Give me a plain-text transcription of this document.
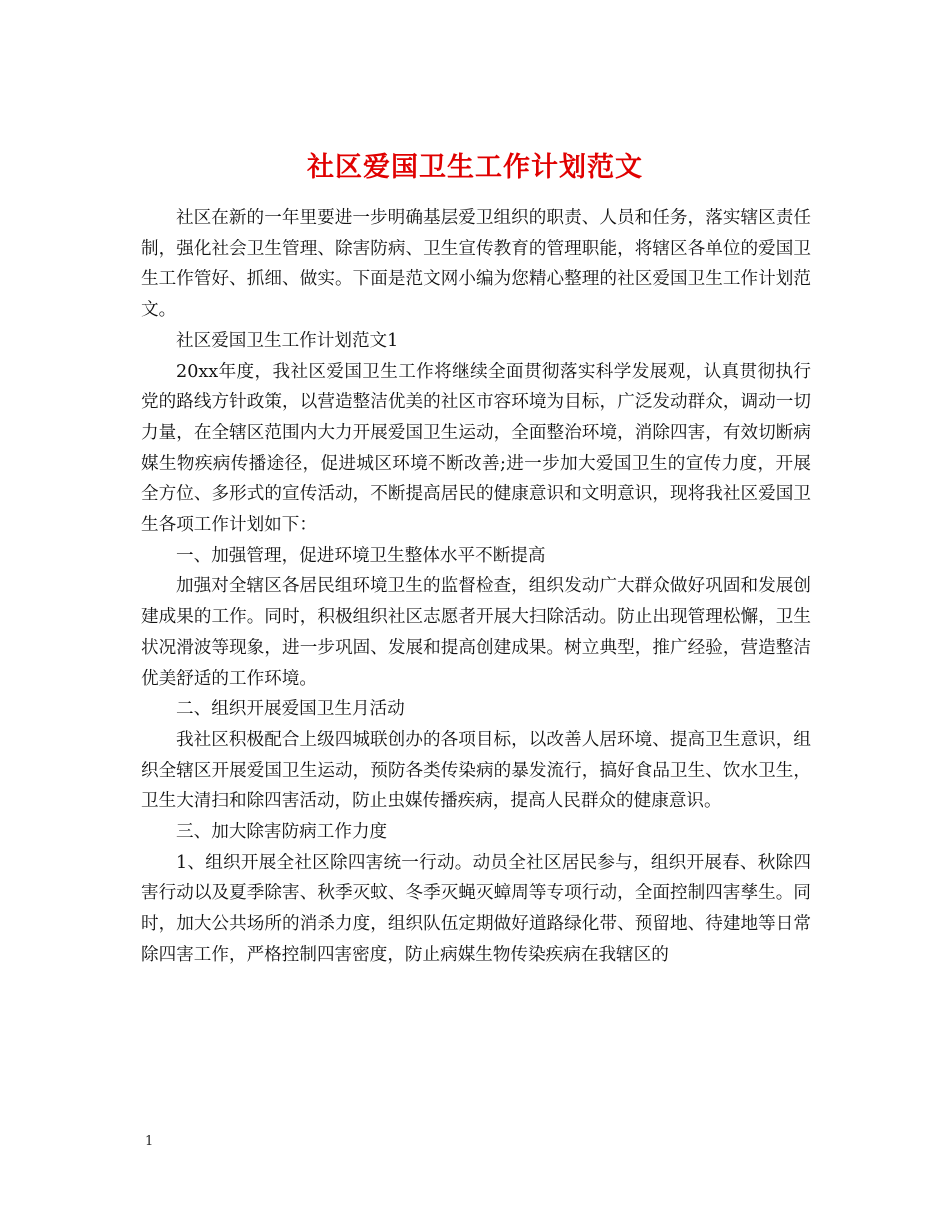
社区爱国卫生工作计划范文

社区在新的一年里要进一步明确基层爱卫组织的职责、人员和任务，落实辖区责任制，强化社会卫生管理、除害防病、卫生宣传教育的管理职能，将辖区各单位的爱国卫生工作管好、抓细、做实。下面是范文网小编为您精心整理的社区爱国卫生工作计划范文。

社区爱国卫生工作计划范文1

20xx年度，我社区爱国卫生工作将继续全面贯彻落实科学发展观，认真贯彻执行党的路线方针政策，以营造整洁优美的社区市容环境为目标，广泛发动群众，调动一切力量，在全辖区范围内大力开展爱国卫生运动，全面整治环境，消除四害，有效切断病媒生物疾病传播途径，促进城区环境不断改善;进一步加大爱国卫生的宣传力度，开展全方位、多形式的宣传活动，不断提高居民的健康意识和文明意识，现将我社区爱国卫生各项工作计划如下：

一、加强管理，促进环境卫生整体水平不断提高

加强对全辖区各居民组环境卫生的监督检查，组织发动广大群众做好巩固和发展创建成果的工作。同时，积极组织社区志愿者开展大扫除活动。防止出现管理松懈，卫生状况滑波等现象，进一步巩固、发展和提高创建成果。树立典型，推广经验，营造整洁优美舒适的工作环境。

二、组织开展爱国卫生月活动

我社区积极配合上级四城联创办的各项目标，以改善人居环境、提高卫生意识，组织全辖区开展爱国卫生运动，预防各类传染病的暴发流行，搞好食品卫生、饮水卫生，卫生大清扫和除四害活动，防止虫媒传播疾病，提高人民群众的健康意识。

三、加大除害防病工作力度

1、组织开展全社区除四害统一行动。动员全社区居民参与，组织开展春、秋除四害行动以及夏季除害、秋季灭蚊、冬季灭蝇灭蟑周等专项行动，全面控制四害孳生。同时，加大公共场所的消杀力度，组织队伍定期做好道路绿化带、预留地、待建地等日常除四害工作，严格控制四害密度，防止病媒生物传染疾病在我辖区的

1
